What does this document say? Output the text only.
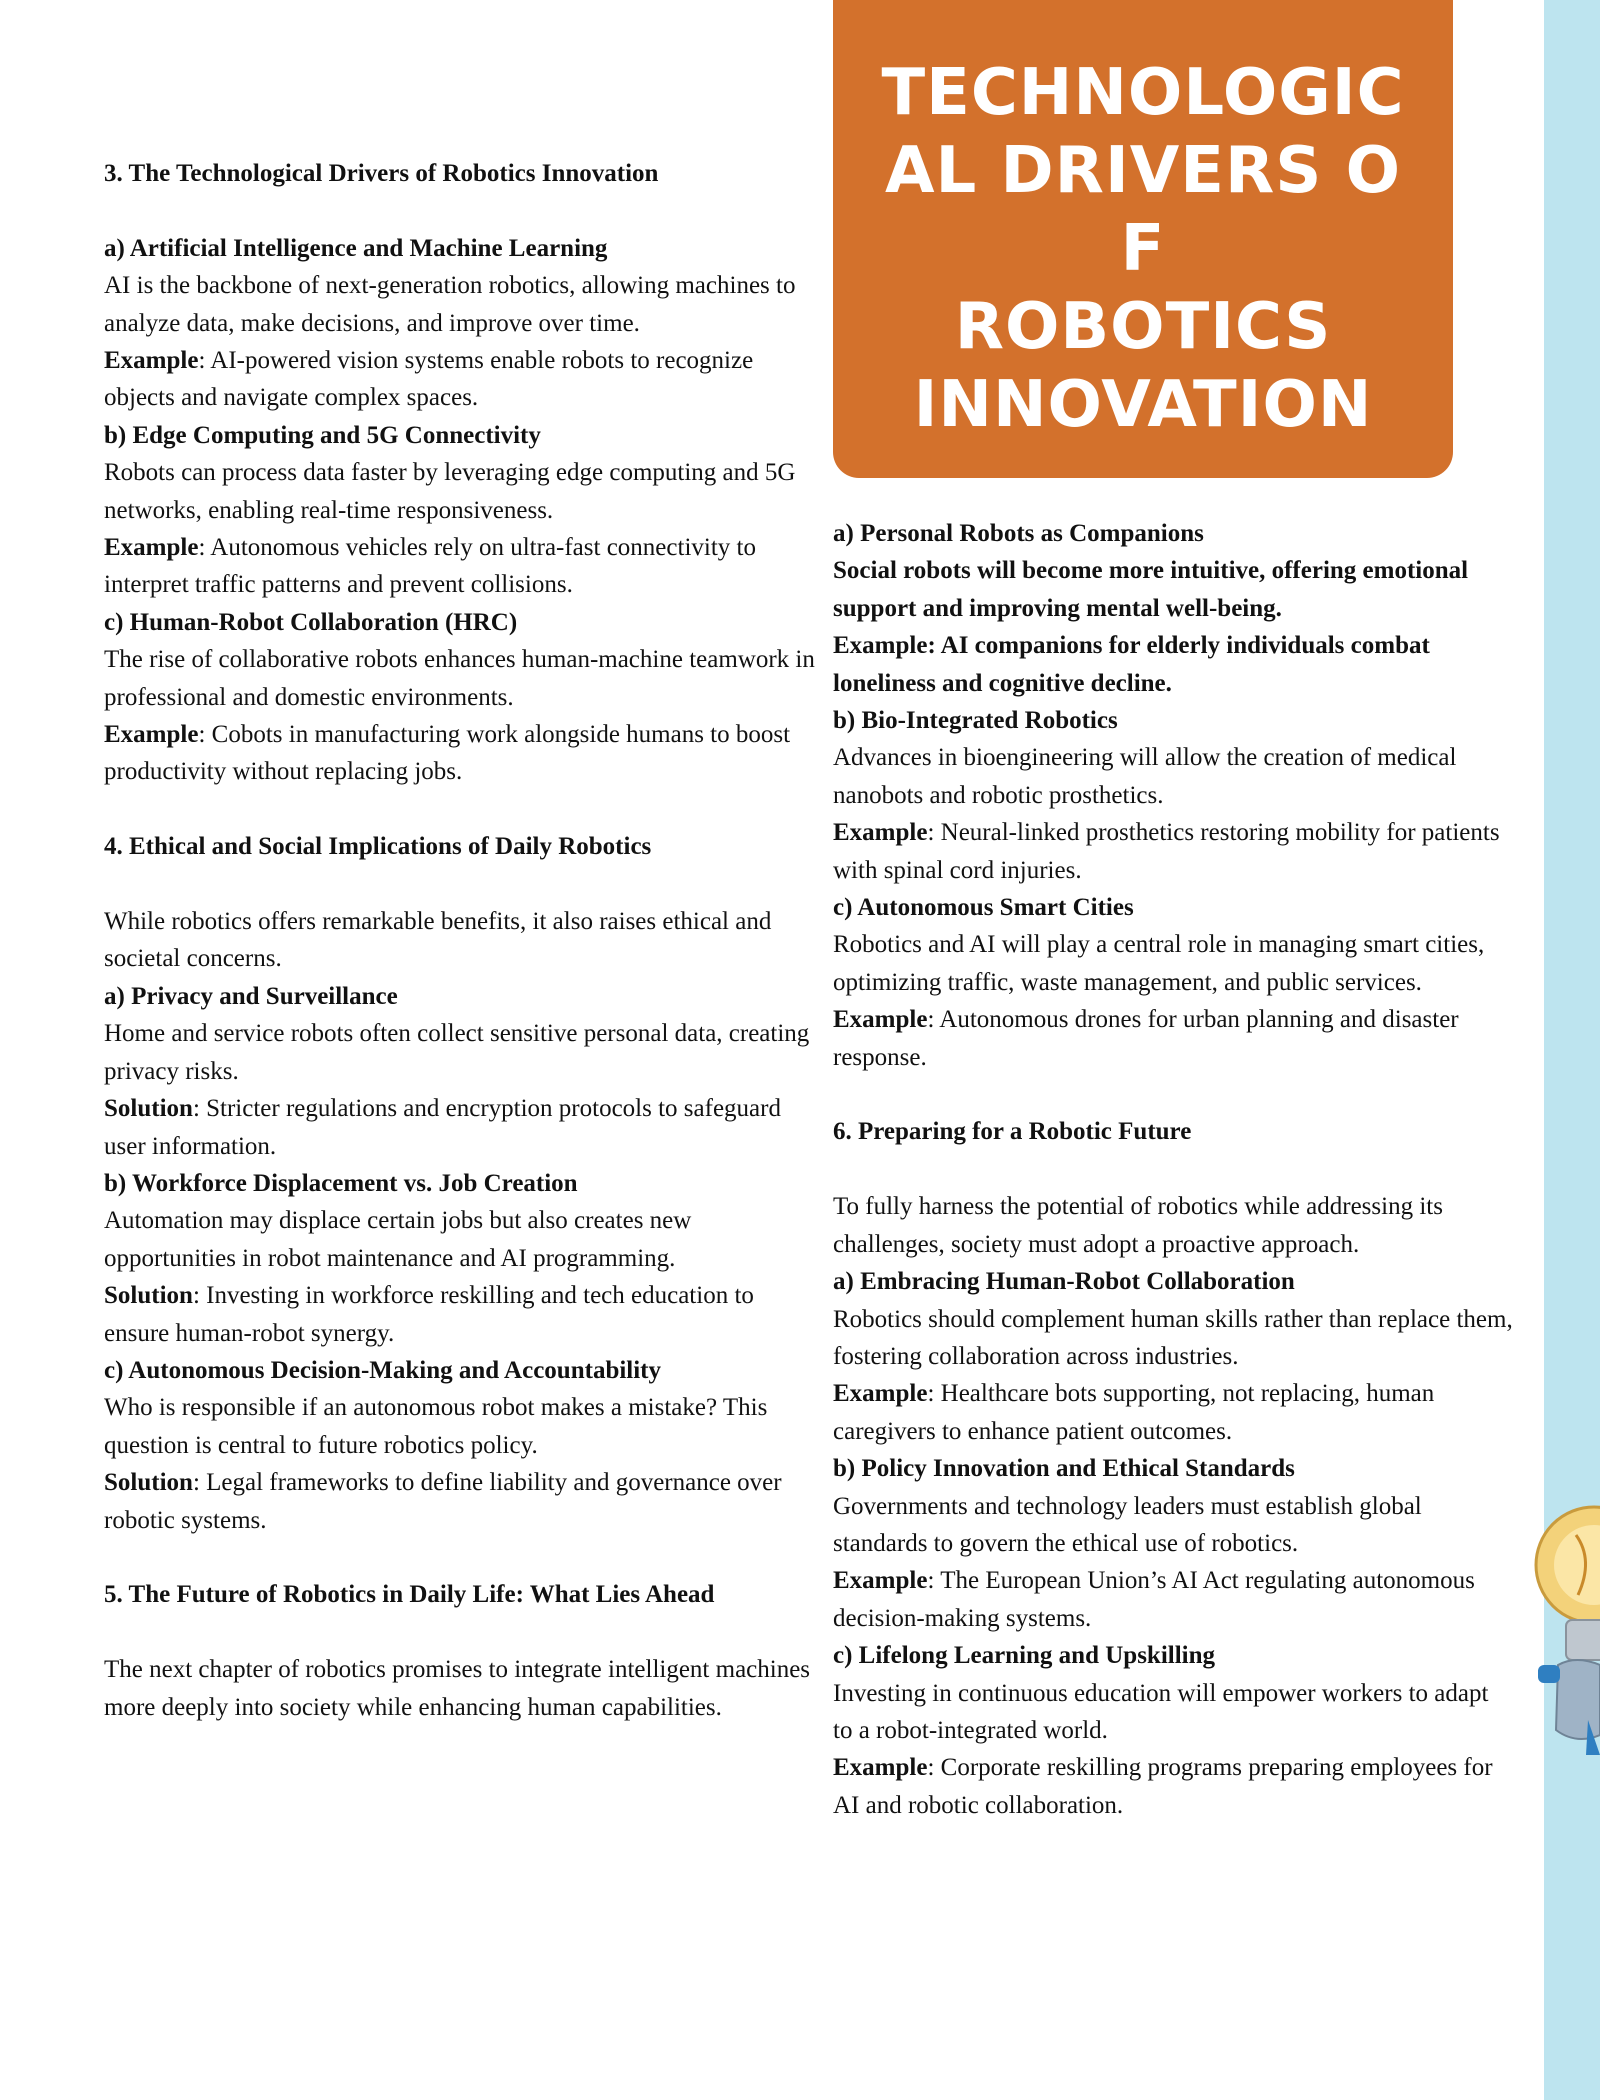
TECHNOLOGIC
AL DRIVERS OF
ROBOTICS
INNOVATION

3. The Technological Drivers of Robotics Innovation

a) Artificial Intelligence and Machine Learning

AI is the backbone of next-generation robotics, allowing machines to analyze data, make decisions, and improve over time.

Example: AI-powered vision systems enable robots to recognize objects and navigate complex spaces.

b) Edge Computing and 5G Connectivity

Robots can process data faster by leveraging edge computing and 5G networks, enabling real-time responsiveness.

Example: Autonomous vehicles rely on ultra-fast connectivity to interpret traffic patterns and prevent collisions.

c) Human-Robot Collaboration (HRC)

The rise of collaborative robots enhances human-machine teamwork in professional and domestic environments.

Example: Cobots in manufacturing work alongside humans to boost productivity without replacing jobs.

4. Ethical and Social Implications of Daily Robotics

While robotics offers remarkable benefits, it also raises ethical and societal concerns.

a) Privacy and Surveillance

Home and service robots often collect sensitive personal data, creating privacy risks.

Solution: Stricter regulations and encryption protocols to safeguard user information.

b) Workforce Displacement vs. Job Creation

Automation may displace certain jobs but also creates new opportunities in robot maintenance and AI programming.

Solution: Investing in workforce reskilling and tech education to ensure human-robot synergy.

c) Autonomous Decision-Making and Accountability

Who is responsible if an autonomous robot makes a mistake? This question is central to future robotics policy.

Solution: Legal frameworks to define liability and governance over robotic systems.

5. The Future of Robotics in Daily Life: What Lies Ahead

The next chapter of robotics promises to integrate intelligent machines more deeply into society while enhancing human capabilities.

a) Personal Robots as Companions

Social robots will become more intuitive, offering emotional support and improving mental well-being.

Example: AI companions for elderly individuals combat loneliness and cognitive decline.

b) Bio-Integrated Robotics

Advances in bioengineering will allow the creation of medical nanobots and robotic prosthetics.

Example: Neural-linked prosthetics restoring mobility for patients with spinal cord injuries.

c) Autonomous Smart Cities

Robotics and AI will play a central role in managing smart cities, optimizing traffic, waste management, and public services.

Example: Autonomous drones for urban planning and disaster response.

6. Preparing for a Robotic Future

To fully harness the potential of robotics while addressing its challenges, society must adopt a proactive approach.

a) Embracing Human-Robot Collaboration

Robotics should complement human skills rather than replace them, fostering collaboration across industries.

Example: Healthcare bots supporting, not replacing, human caregivers to enhance patient outcomes.

b) Policy Innovation and Ethical Standards

Governments and technology leaders must establish global standards to govern the ethical use of robotics.

Example: The European Union’s AI Act regulating autonomous decision-making systems.

c) Lifelong Learning and Upskilling

Investing in continuous education will empower workers to adapt to a robot-integrated world.

Example: Corporate reskilling programs preparing employees for AI and robotic collaboration.
